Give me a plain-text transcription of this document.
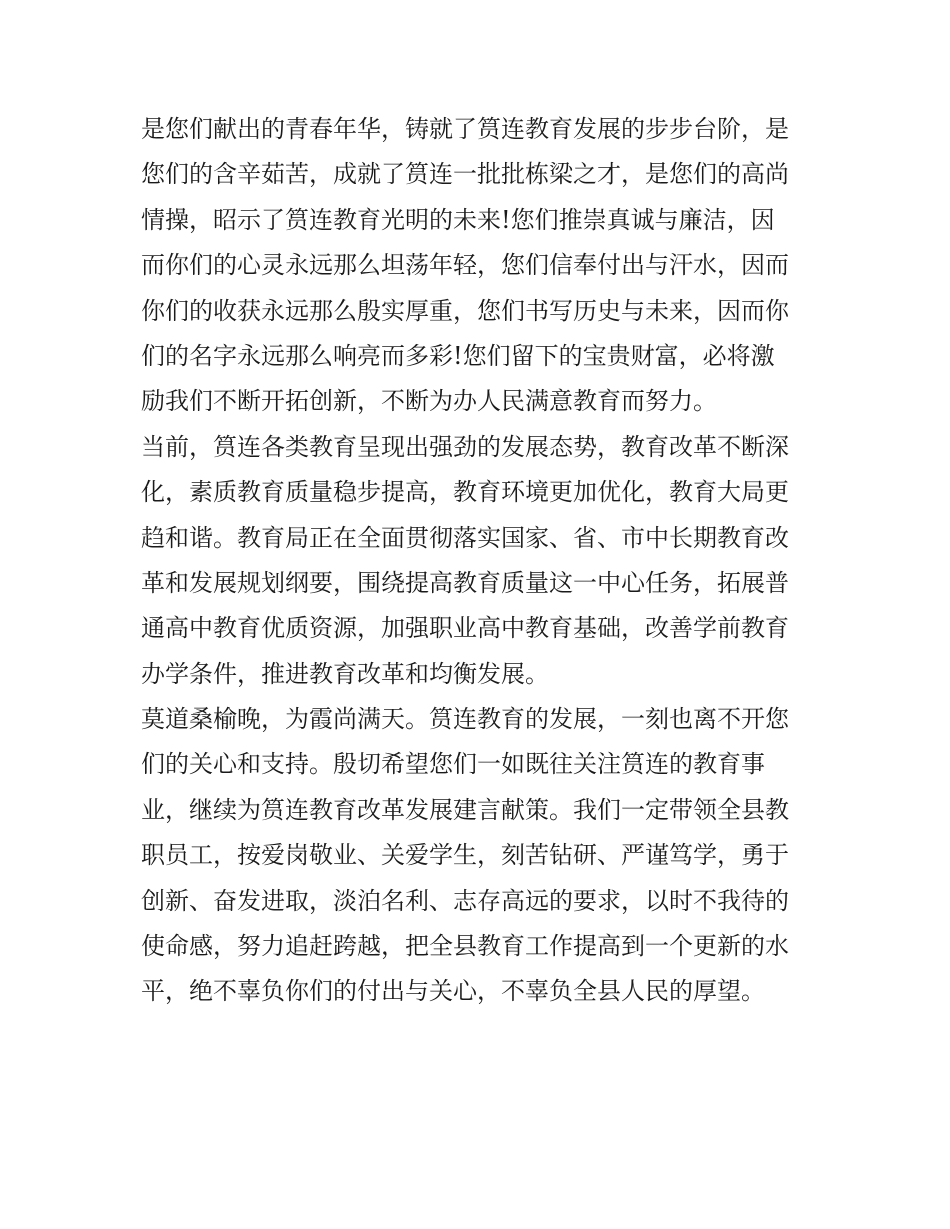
是您们献出的青春年华，铸就了筼连教育发展的步步台阶，是
您们的含辛茹苦，成就了筼连一批批栋梁之才，是您们的高尚
情操，昭示了筼连教育光明的未来!您们推崇真诚与廉洁，因
而你们的心灵永远那么坦荡年轻，您们信奉付出与汗水，因而
你们的收获永远那么殷实厚重，您们书写历史与未来，因而你
们的名字永远那么响亮而多彩!您们留下的宝贵财富，必将激
励我们不断开拓创新，不断为办人民满意教育而努力。
当前，筼连各类教育呈现出强劲的发展态势，教育改革不断深
化，素质教育质量稳步提高，教育环境更加优化，教育大局更
趋和谐。教育局正在全面贯彻落实国家、省、市中长期教育改
革和发展规划纲要，围绕提高教育质量这一中心任务，拓展普
通高中教育优质资源，加强职业高中教育基础，改善学前教育
办学条件，推进教育改革和均衡发展。
莫道桑榆晚，为霞尚满天。筼连教育的发展，一刻也离不开您
们的关心和支持。殷切希望您们一如既往关注筼连的教育事
业，继续为筼连教育改革发展建言献策。我们一定带领全县教
职员工，按爱岗敬业、关爱学生，刻苦钻研、严谨笃学，勇于
创新、奋发进取，淡泊名利、志存高远的要求，以时不我待的
使命感，努力追赶跨越，把全县教育工作提高到一个更新的水
平，绝不辜负你们的付出与关心，不辜负全县人民的厚望。
